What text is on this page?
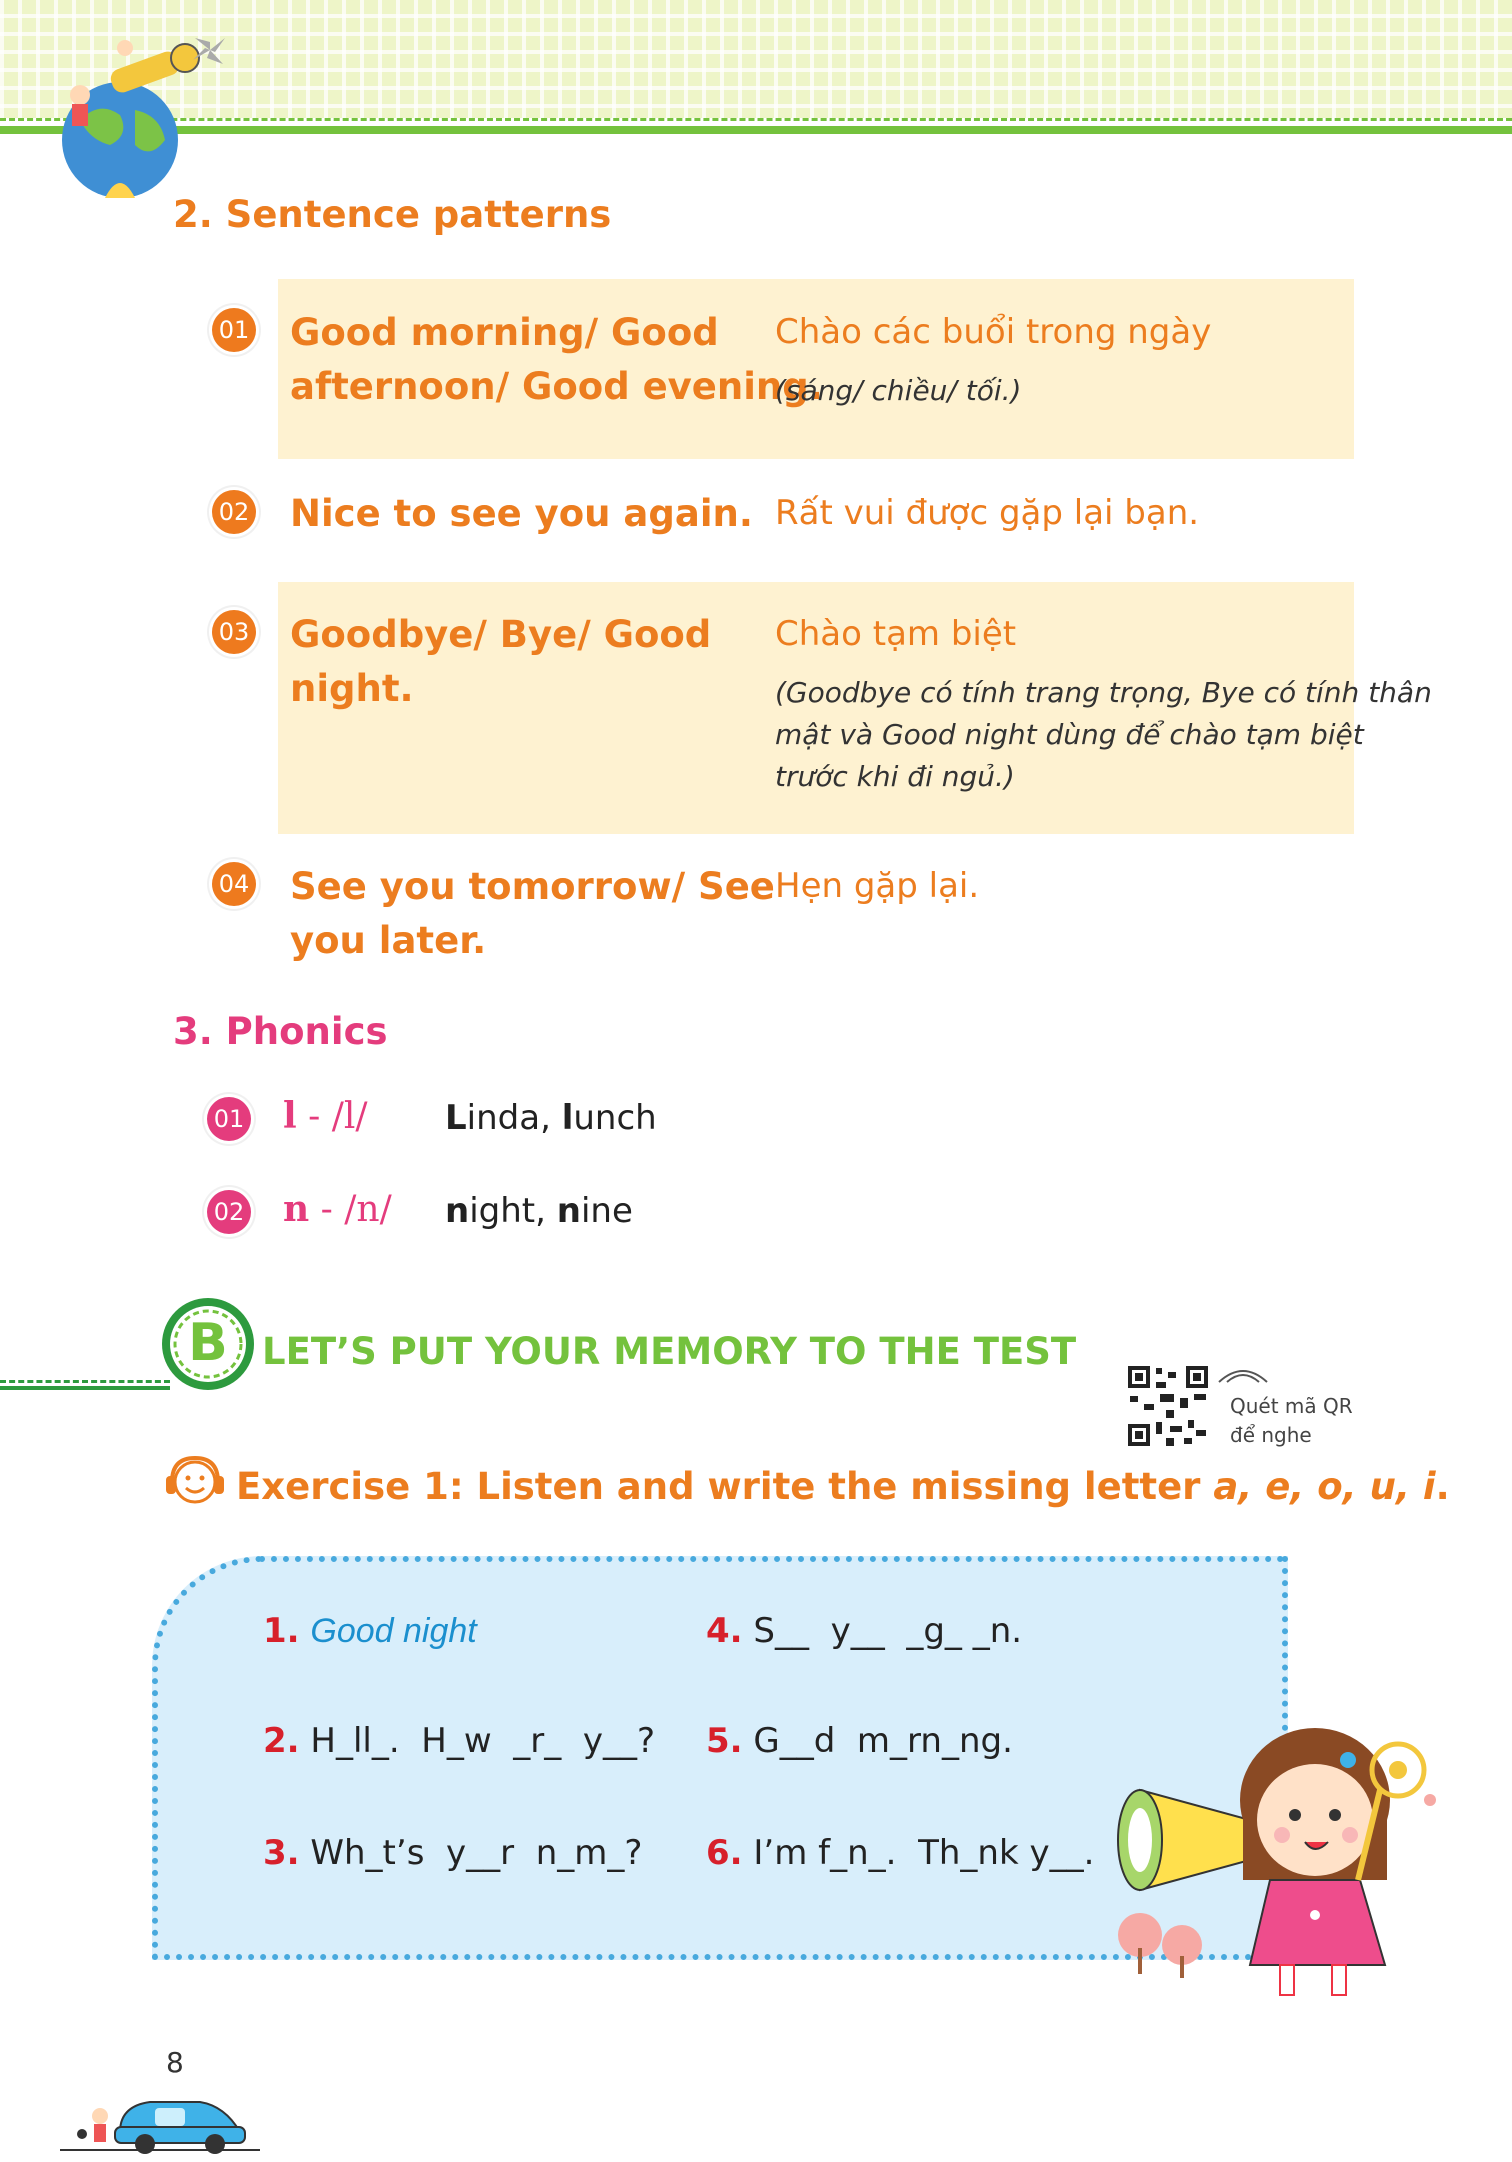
2. Sentence patterns
01 Good morning/ Good
afternoon/ Good evening.
Chào các buổi trong ngày
(sáng/ chiều/ tối.)
02 Nice to see you again. Rất vui được gặp lại bạn.
03 Goodbye/ Bye/ Good
night.
Chào tạm biệt
(Goodbye có tính trang trọng, Bye có tính thân
mật và Good night dùng để chào tạm biệt
trước khi đi ngủ.)
04 See you tomorrow/ See
you later.
Hẹn gặp lại.
3. Phonics
01 l - /l/ Linda, lunch
02 n - /n/ night, nine
B LET’S PUT YOUR MEMORY TO THE TEST
Quét mã QR
để nghe
Exercise 1: Listen and write the missing letter a, e, o, u, i.
1. Good night
2. H_ll_.  H_w  _r_  y__?
3. Wh_t’s  y__r  n_m_?
4. S__  y__  _g_ _n.
5. G__d  m_rn_ng.
6. I’m f_n_.  Th_nk y__.
8
